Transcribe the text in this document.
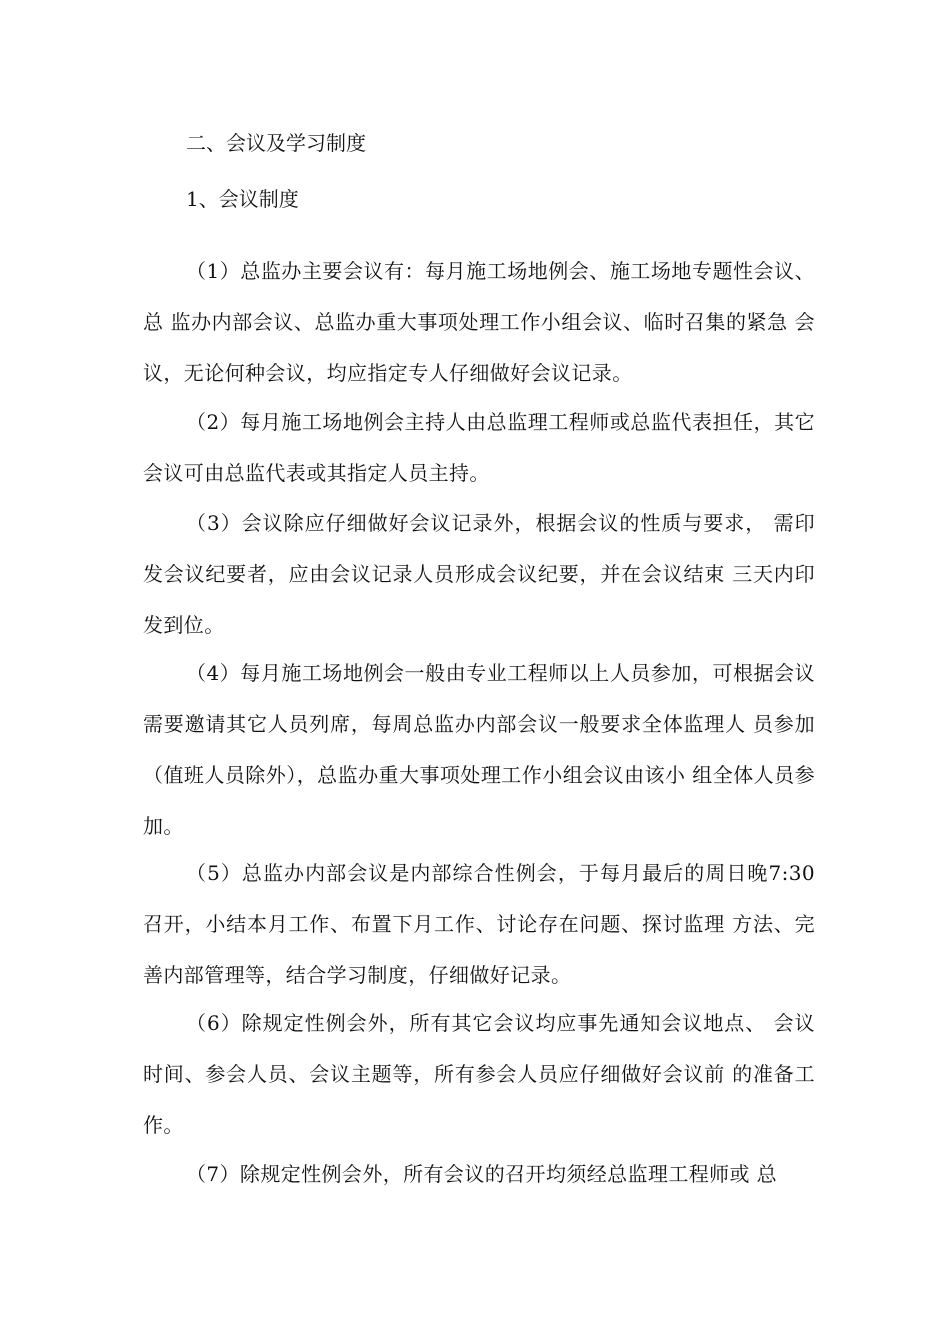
二、会议及学习制度
1、会议制度
（1）总监办主要会议有：每月施工场地例会、施工场地专题性会议、总 监办内部会议、总监办重大事项处理工作小组会议、临时召集的紧急 会议，无论何种会议，均应指定专人仔细做好会议记录。
（2）每月施工场地例会主持人由总监理工程师或总监代表担任，其它会议可由总监代表或其指定人员主持。
（3）会议除应仔细做好会议记录外，根据会议的性质与要求， 需印发会议纪要者，应由会议记录人员形成会议纪要，并在会议结束 三天内印发到位。
（4）每月施工场地例会一般由专业工程师以上人员参加，可根据会议需要邀请其它人员列席，每周总监办内部会议一般要求全体监理人 员参加（值班人员除外），总监办重大事项处理工作小组会议由该小 组全体人员参加。
（5）总监办内部会议是内部综合性例会，于每月最后的周日晚7:30召开，小结本月工作、布置下月工作、讨论存在问题、探讨监理 方法、完善内部管理等，结合学习制度，仔细做好记录。
（6）除规定性例会外，所有其它会议均应事先通知会议地点、 会议时间、参会人员、会议主题等，所有参会人员应仔细做好会议前 的准备工作。
（7）除规定性例会外，所有会议的召开均须经总监理工程师或 总
